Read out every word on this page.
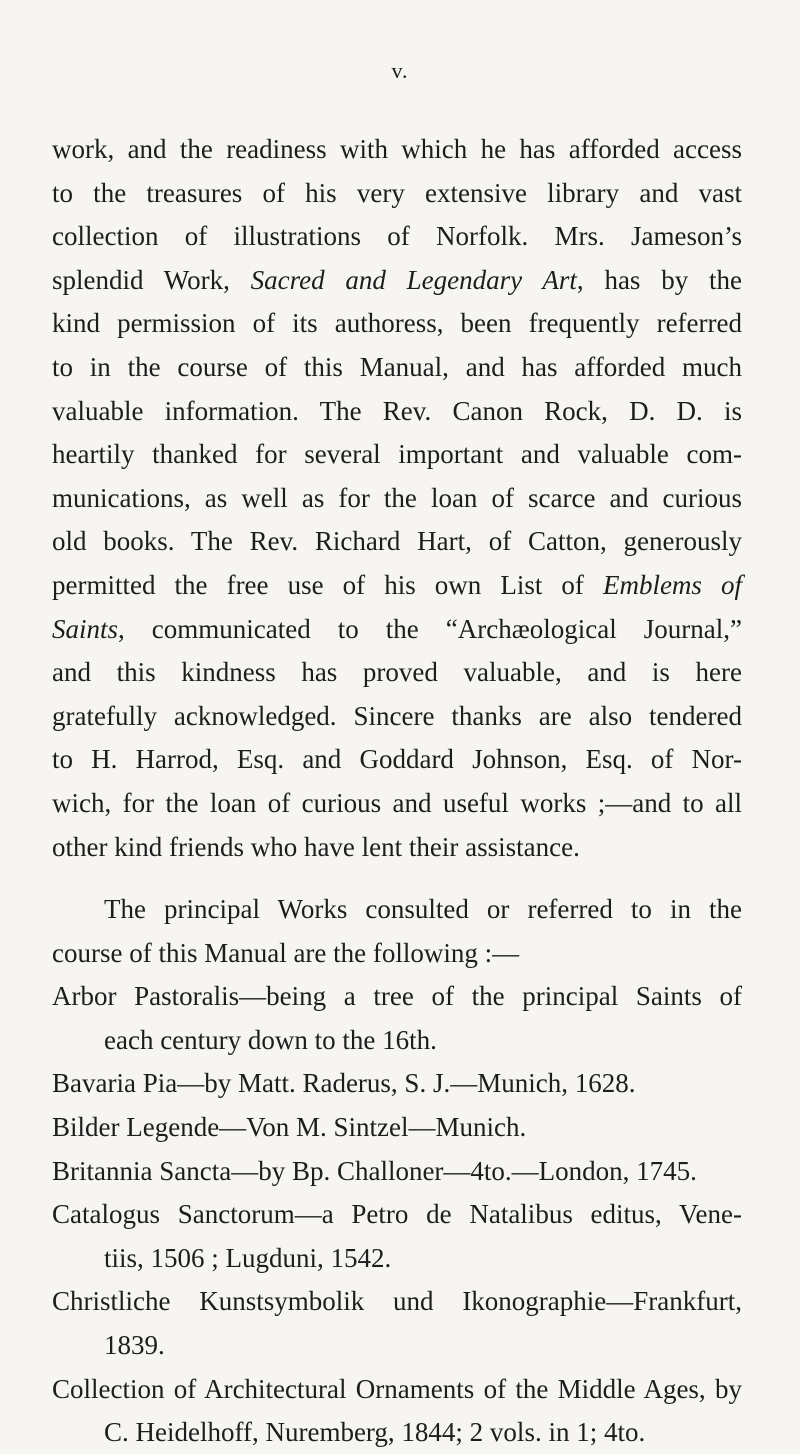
v.
work, and the readiness with which he has afforded access
to the treasures of his very extensive library and vast
collection of illustrations of Norfolk. Mrs. Jameson’s
splendid Work, Sacred and Legendary Art, has by the
kind permission of its authoress, been frequently referred
to in the course of this Manual, and has afforded much
valuable information. The Rev. Canon Rock, D. D. is
heartily thanked for several important and valuable com-
munications, as well as for the loan of scarce and curious
old books. The Rev. Richard Hart, of Catton, generously
permitted the free use of his own List of Emblems of
Saints, communicated to the “Archæological Journal,”
and this kindness has proved valuable, and is here
gratefully acknowledged. Sincere thanks are also tendered
to H. Harrod, Esq. and Goddard Johnson, Esq. of Nor-
wich, for the loan of curious and useful works ;—and to all
other kind friends who have lent their assistance.
The principal Works consulted or referred to in the
course of this Manual are the following :—
Arbor Pastoralis—being a tree of the principal Saints of
each century down to the 16th.
Bavaria Pia—by Matt. Raderus, S. J.—Munich, 1628.
Bilder Legende—Von M. Sintzel—Munich.
Britannia Sancta—by Bp. Challoner—4to.—London, 1745.
Catalogus Sanctorum—a Petro de Natalibus editus, Vene-
tiis, 1506 ; Lugduni, 1542.
Christliche Kunstsymbolik und Ikonographie—Frankfurt,
1839.
Collection of Architectural Ornaments of the Middle Ages, by
C. Heidelhoff, Nuremberg, 1844; 2 vols. in 1; 4to.
